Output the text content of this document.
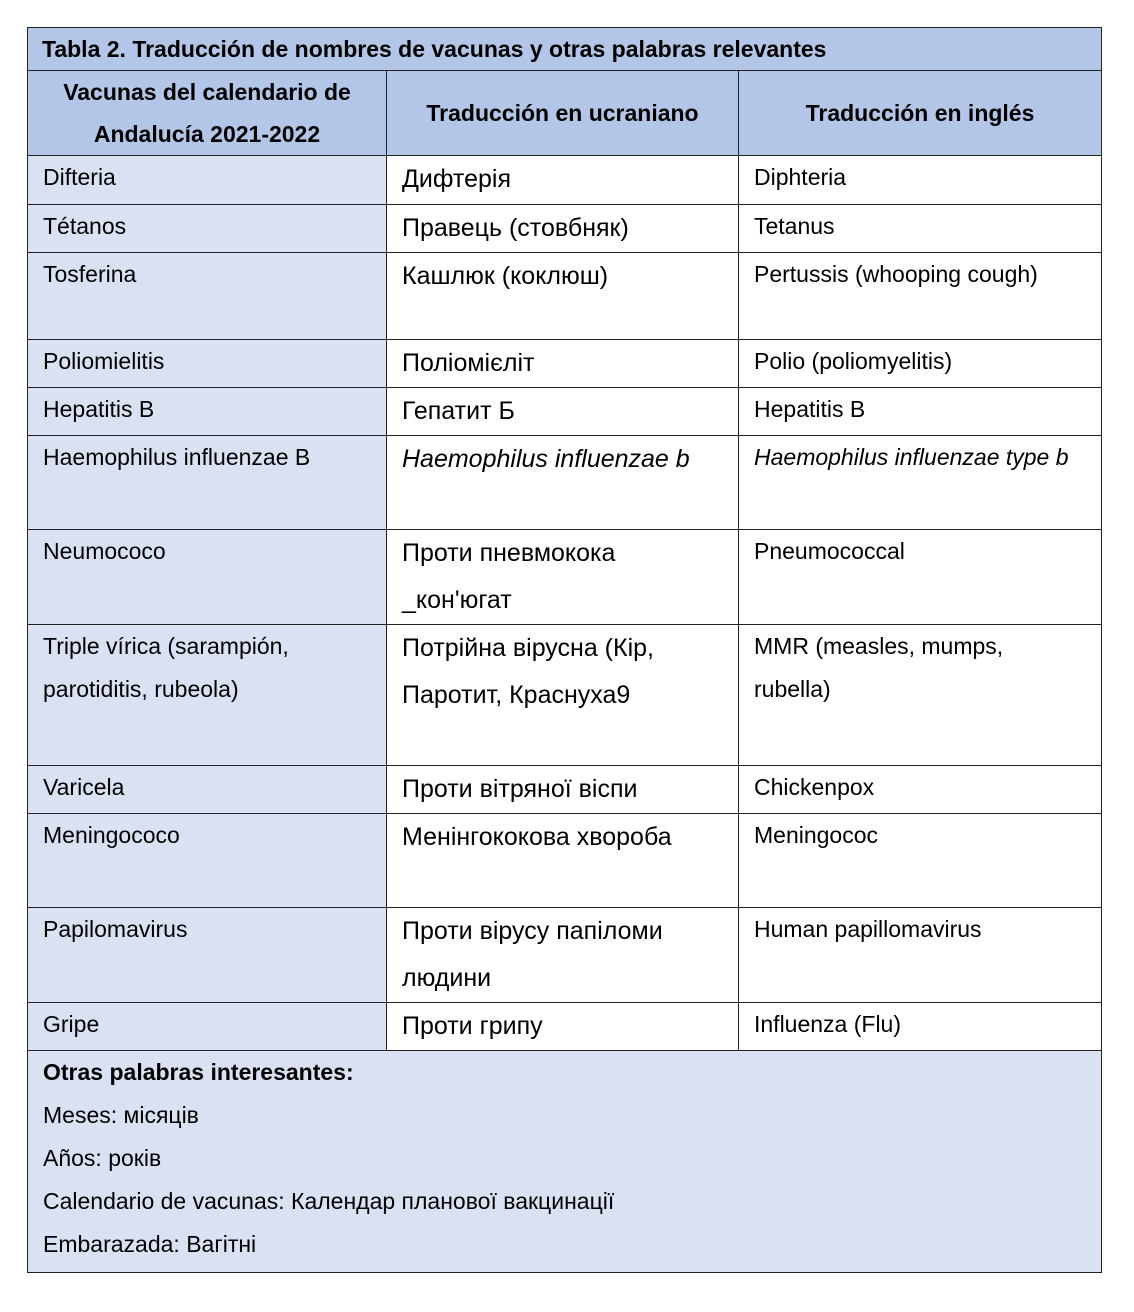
Tabla 2. Traducción de nombres de vacunas y otras palabras relevantes		
Vacunas del calendario de Andalucía 2021-2022	Traducción en ucraniano	Traducción en inglés
Difteria	Дифтерія	Diphteria
Tétanos	Правець (стовбняк)	Tetanus
Tosferina	Кашлюк (коклюш)	Pertussis (whooping cough)
Poliomielitis	Поліомієліт	Polio (poliomyelitis)
Hepatitis B	Гепатит Б	Hepatitis B
Haemophilus influenzae B	Haemophilus influenzae b	Haemophilus influenzae type b
Neumococo	Проти пневмокока _кон'югат	Pneumococcal
Triple vírica (sarampión, parotiditis, rubeola)	Потрійна вірусна (Кір, Паротит, Краснуха9	MMR (measles, mumps, rubella)
Varicela	Проти вітряної віспи	Chickenpox
Meningococo	Менінгококова хвороба	Meningococ
Papilomavirus	Проти вірусу папіломи людини	Human papillomavirus
Gripe	Проти грипу	Influenza (Flu)

Otras palabras interesantes:
Meses: місяців
Años: років
Calendario de vacunas: Календар планової вакцинації
Embarazada: Вагітні		
